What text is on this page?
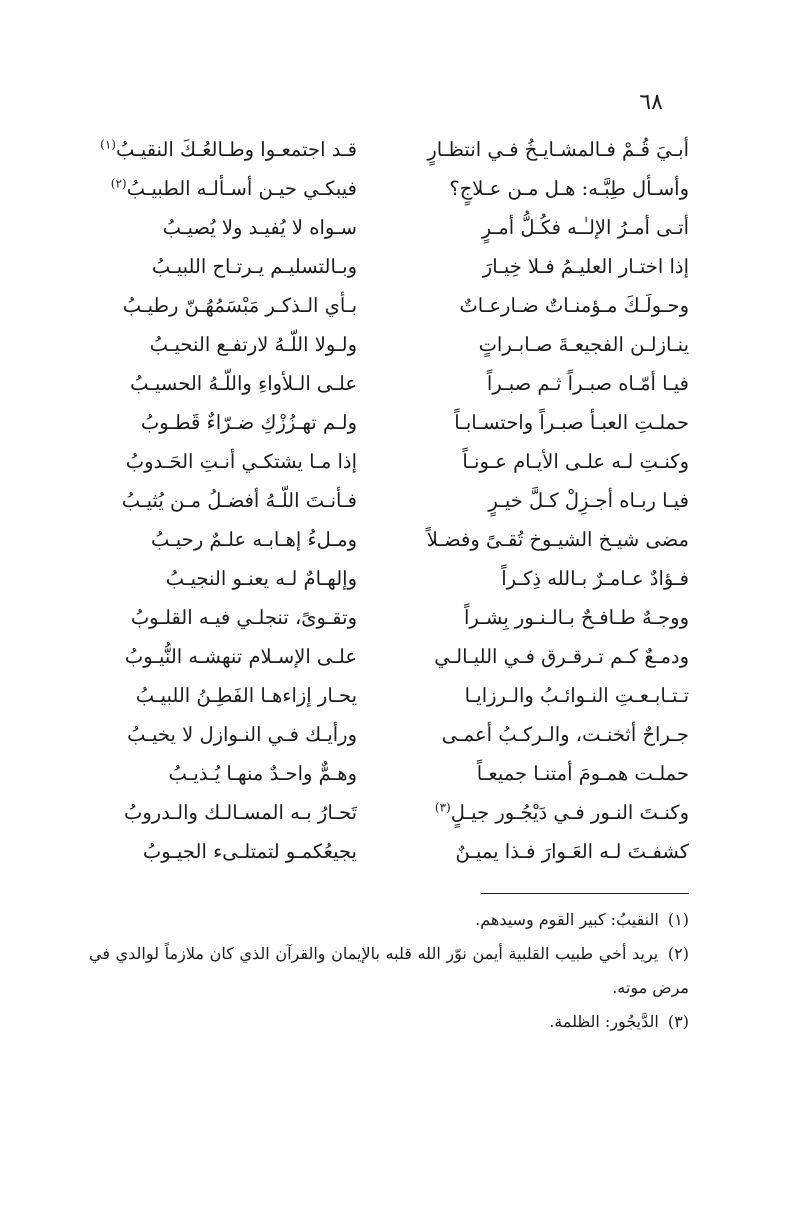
٦٨
أبـيَ قُـمْ فـالمشـايـخُ فـي انتظـارٍ
قـد اجتمعـوا وطـالعُـكَ النقيـبُ$^{(١)}$
وأسـأل طِبَّـه: هـل مـن عـلاجٍ؟
فيبكـي حيـن أسـألـه الطبيـبُ$^{(٢)}$
أتـى أمـرُ الإلـٰـه فكُـلُّ أمـرٍ
سـواه لا يُفيـد ولا يُصيـبُ
إذا اختـار العليـمُ فـلا خِيـارَ
وبـالتسليـم يـرتـاح اللبيـبُ
وحـولَـكَ مـؤمنـاتٌ ضـارعـاتٌ
بـأي الـذكـر مَبْسَمُهُـنّ رطيـبُ
ينـازلـن الفجيعـةَ صـابـراتٍ
ولـولا اللّـهُ لارتفـع النحيـبُ
فيـا أمّـاه صبـراً ثـم صبـراً
علـى الـلأواءِ واللّـهُ الحسيـبُ
حملـتِ العبـأ صبـراً واحتسـابـاً
ولـم تهـزُزْكِ ضـرّاءٌ قَطـوبُ
وكنـتِ لـه علـى الأيـام عـونـاً
إذا مـا يشتكـي أنـتِ الحَـدوبُ
فيـا ربـاه أجـزِلْ كـلَّ خيـرٍ
فـأنـتَ اللّـهُ أفضـلُ مـن يُثيـبُ
مضى شيـخ الشيـوخ تُقـىً وفضـلاً
ومـلءُ إهـابـه علـمٌ رحيـبُ
فـؤادٌ عـامـرٌ بـالله ذِكـراً
وإلهـامٌ لـه يعنـو النجيـبُ
ووجـهٌ طـافـحٌ بـالـنـور بِشـراً
وتقـوىً، تنجلـي فيـه القلـوبُ
ودمـعٌ كـم تـرقـرق فـي الليـالـي
علـى الإسـلام تنهشـه النُّيـوبُ
تـتـابـعـتِ النـوائـبُ والـرزايـا
يحـار إزاءهـا الفَطِـنُ اللبيـبُ
جـراحٌ أثخنـت، والـركـبُ أعمـى
ورأيـك فـي النـوازل لا يخيـبُ
حملـت همـومَ أمتنـا جميعـاً
وهـمٌّ واحـدٌ منهـا يُـذيـبُ
وكنـتَ النـور فـي دَيْجُـور جيـلٍ$^{(٣)}$
تَحـارُ بـه المسـالـك والـدروبُ
كشفـتَ لـه العَـوارَ فـذا يميـنٌ
يجيعُكمـو لتمتلـىء الجيـوبُ

(١) النقيبُ: كبير القوم وسيدهم.

(٢) يريد أخي طبيب القلبية أيمن نوّر الله قلبه بالإيمان والقرآن الذي كان ملازماً لوالدي في مرض موته.

(٣) الدَّيجُور: الظلمة.
